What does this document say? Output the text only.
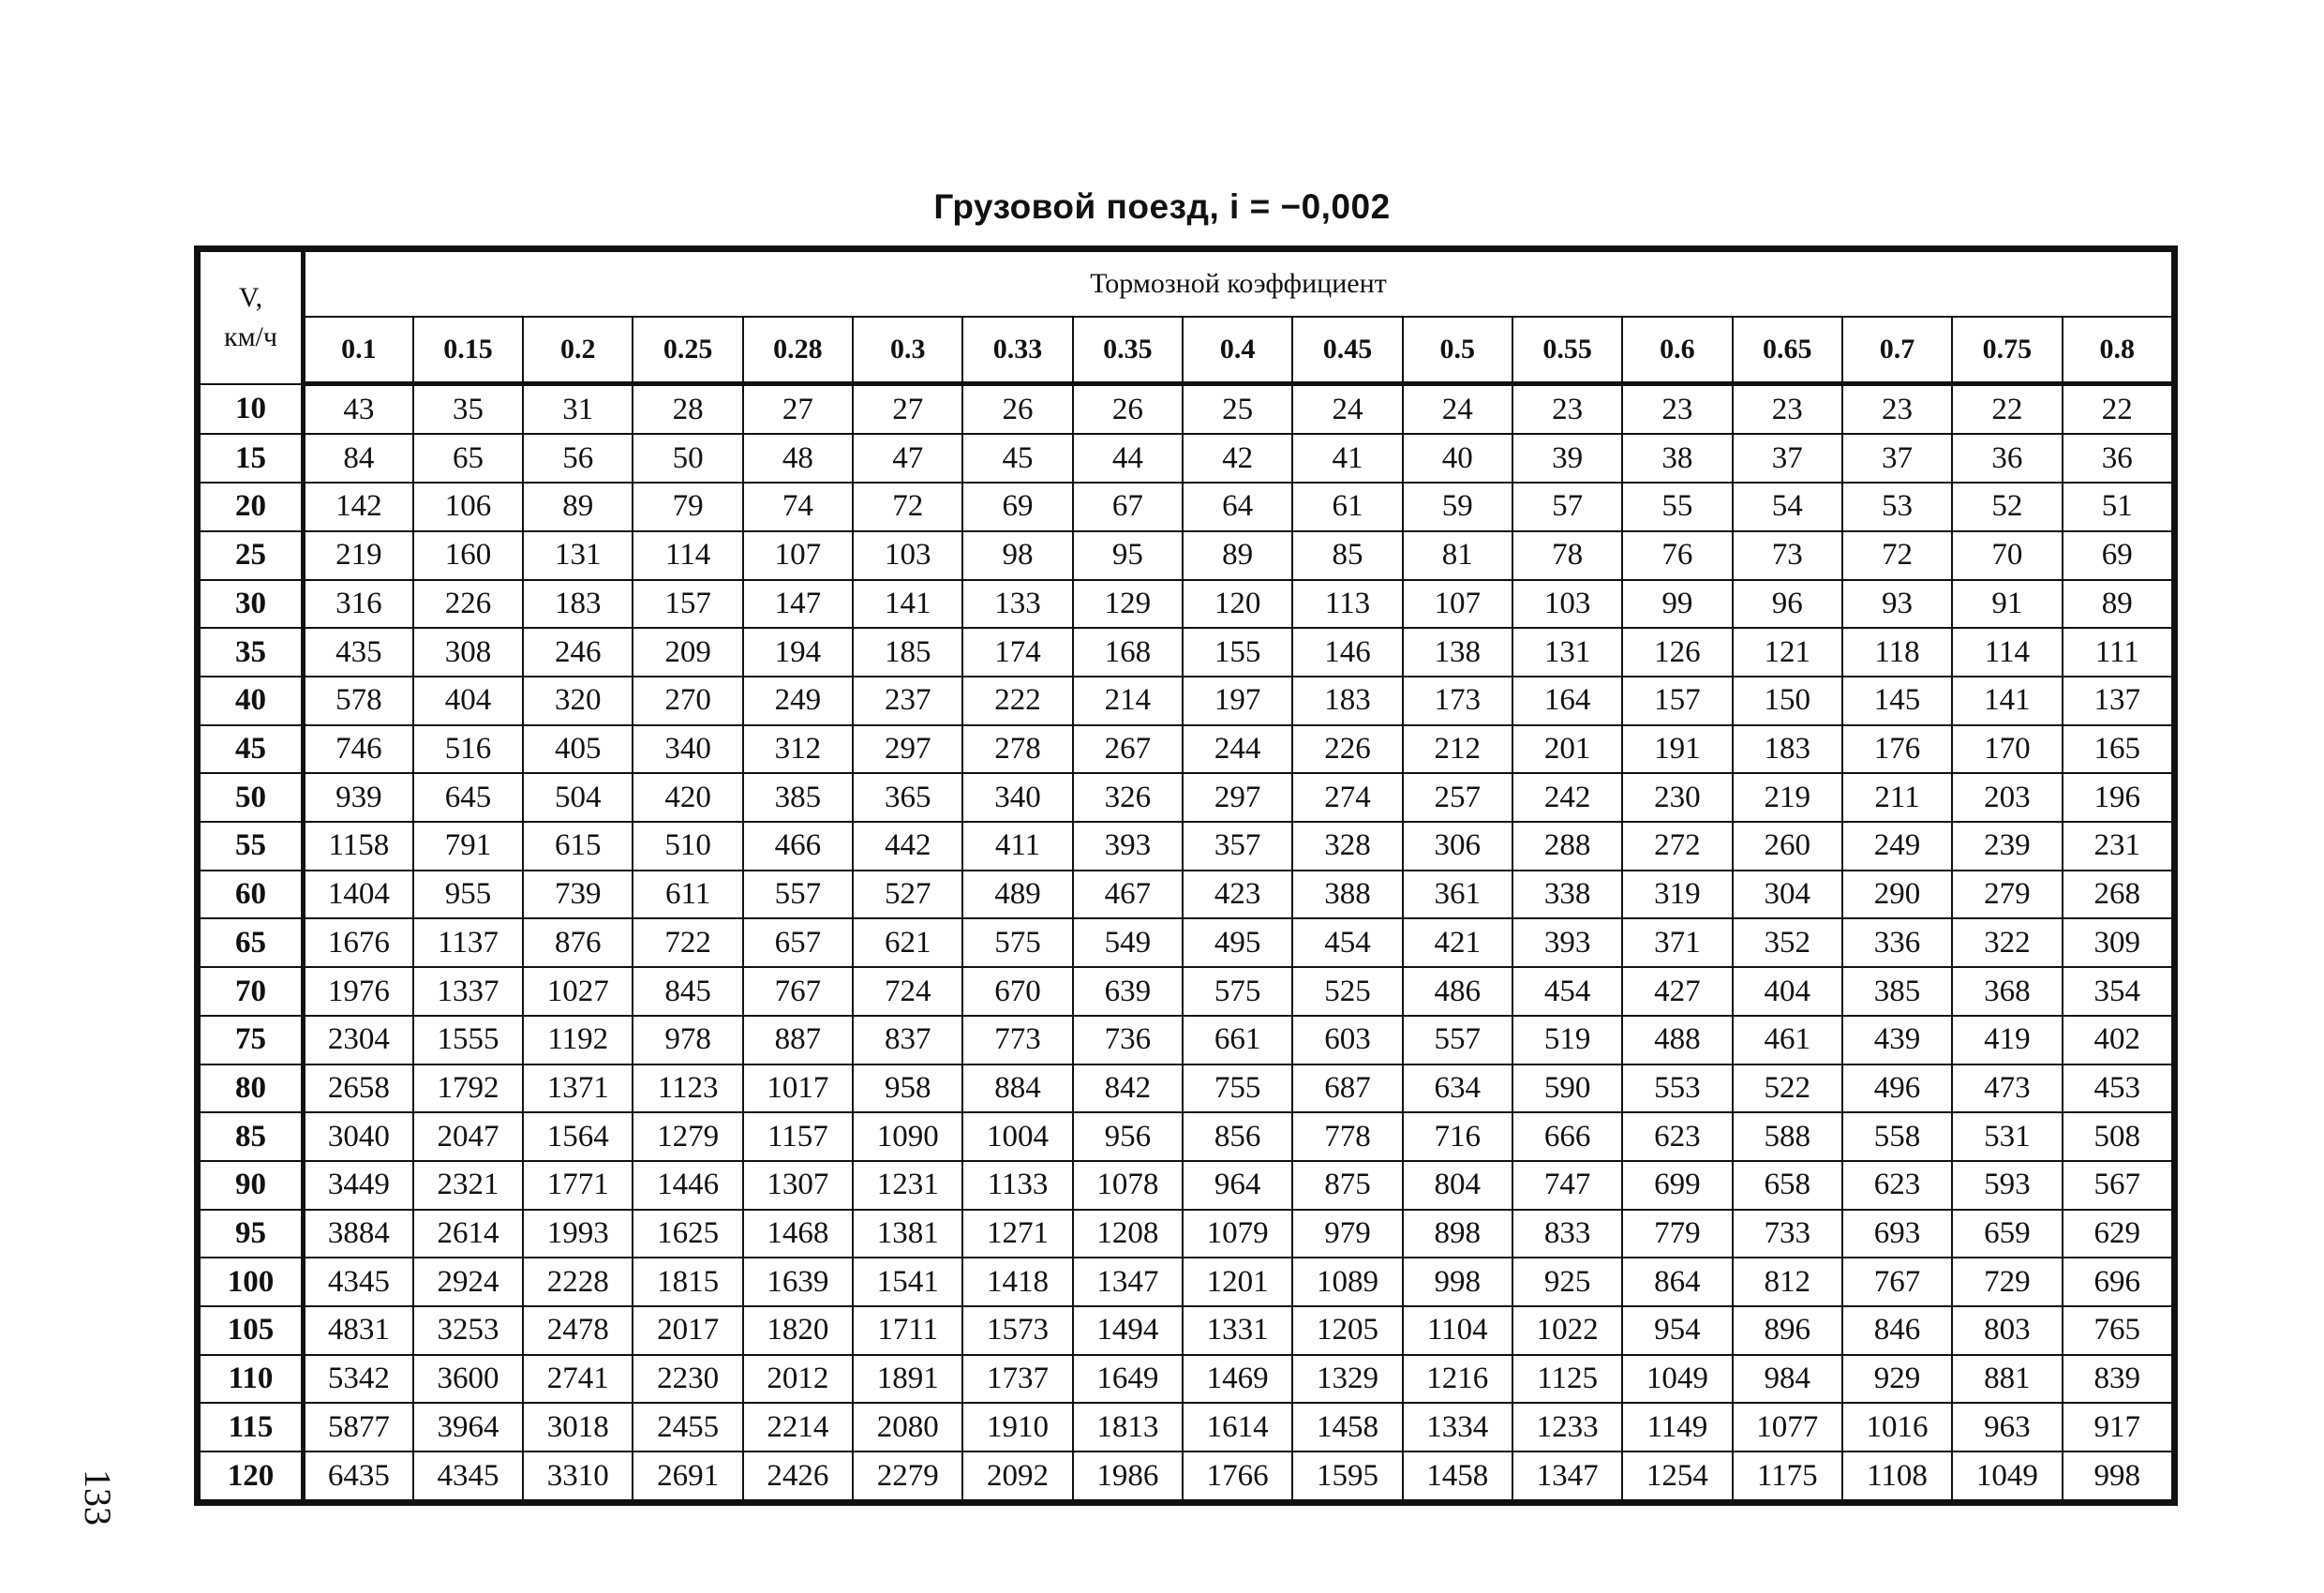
Грузовой поезд, i = −0,002
V,
км/ч	Тормозной коэффициент																
	0.1	0.15	0.2	0.25	0.28	0.3	0.33	0.35	0.4	0.45	0.5	0.55	0.6	0.65	0.7	0.75	0.8
10	43	35	31	28	27	27	26	26	25	24	24	23	23	23	23	22	22
15	84	65	56	50	48	47	45	44	42	41	40	39	38	37	37	36	36
20	142	106	89	79	74	72	69	67	64	61	59	57	55	54	53	52	51
25	219	160	131	114	107	103	98	95	89	85	81	78	76	73	72	70	69
30	316	226	183	157	147	141	133	129	120	113	107	103	99	96	93	91	89
35	435	308	246	209	194	185	174	168	155	146	138	131	126	121	118	114	111
40	578	404	320	270	249	237	222	214	197	183	173	164	157	150	145	141	137
45	746	516	405	340	312	297	278	267	244	226	212	201	191	183	176	170	165
50	939	645	504	420	385	365	340	326	297	274	257	242	230	219	211	203	196
55	1158	791	615	510	466	442	411	393	357	328	306	288	272	260	249	239	231
60	1404	955	739	611	557	527	489	467	423	388	361	338	319	304	290	279	268
65	1676	1137	876	722	657	621	575	549	495	454	421	393	371	352	336	322	309
70	1976	1337	1027	845	767	724	670	639	575	525	486	454	427	404	385	368	354
75	2304	1555	1192	978	887	837	773	736	661	603	557	519	488	461	439	419	402
80	2658	1792	1371	1123	1017	958	884	842	755	687	634	590	553	522	496	473	453
85	3040	2047	1564	1279	1157	1090	1004	956	856	778	716	666	623	588	558	531	508
90	3449	2321	1771	1446	1307	1231	1133	1078	964	875	804	747	699	658	623	593	567
95	3884	2614	1993	1625	1468	1381	1271	1208	1079	979	898	833	779	733	693	659	629
100	4345	2924	2228	1815	1639	1541	1418	1347	1201	1089	998	925	864	812	767	729	696
105	4831	3253	2478	2017	1820	1711	1573	1494	1331	1205	1104	1022	954	896	846	803	765
110	5342	3600	2741	2230	2012	1891	1737	1649	1469	1329	1216	1125	1049	984	929	881	839
115	5877	3964	3018	2455	2214	2080	1910	1813	1614	1458	1334	1233	1149	1077	1016	963	917
120	6435	4345	3310	2691	2426	2279	2092	1986	1766	1595	1458	1347	1254	1175	1108	1049	998
133
